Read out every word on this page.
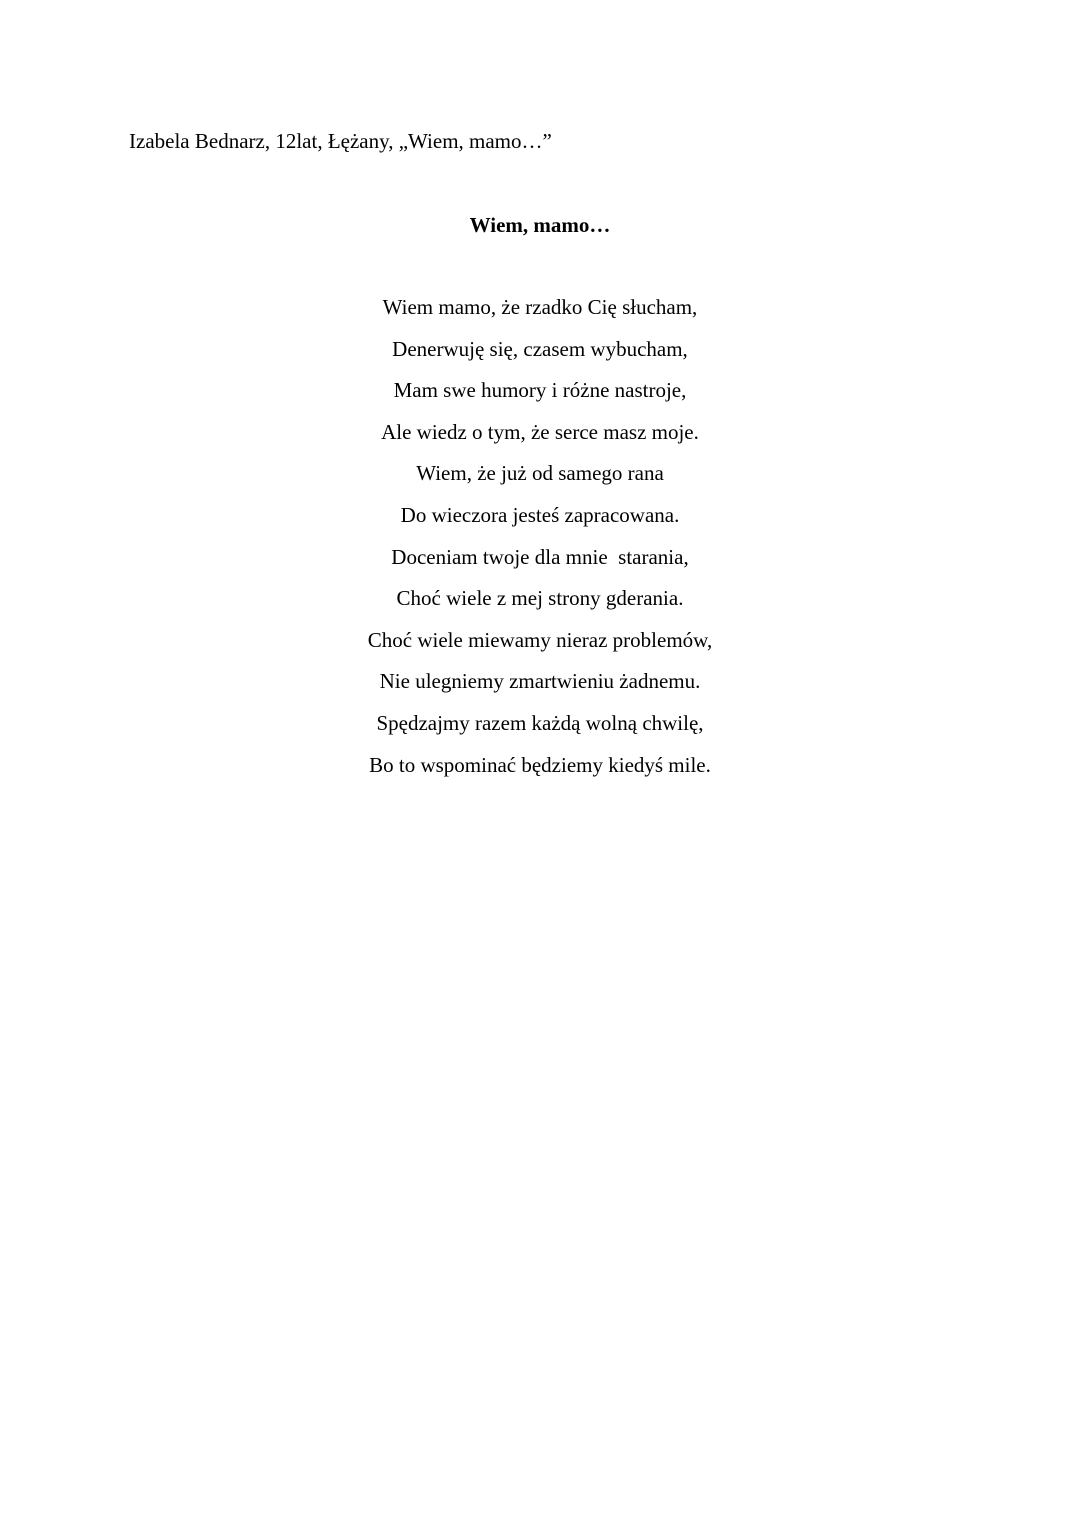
Izabela Bednarz, 12lat, Łężany, „Wiem, mamo…”
Wiem, mamo…
Wiem mamo, że rzadko Cię słucham,
Denerwuję się, czasem wybucham,
Mam swe humory i różne nastroje,
Ale wiedz o tym, że serce masz moje.
Wiem, że już od samego rana
Do wieczora jesteś zapracowana.
Doceniam twoje dla mnie  starania,
Choć wiele z mej strony gderania.
Choć wiele miewamy nieraz problemów,
Nie ulegniemy zmartwieniu żadnemu.
Spędzajmy razem każdą wolną chwilę,
Bo to wspominać będziemy kiedyś mile.
